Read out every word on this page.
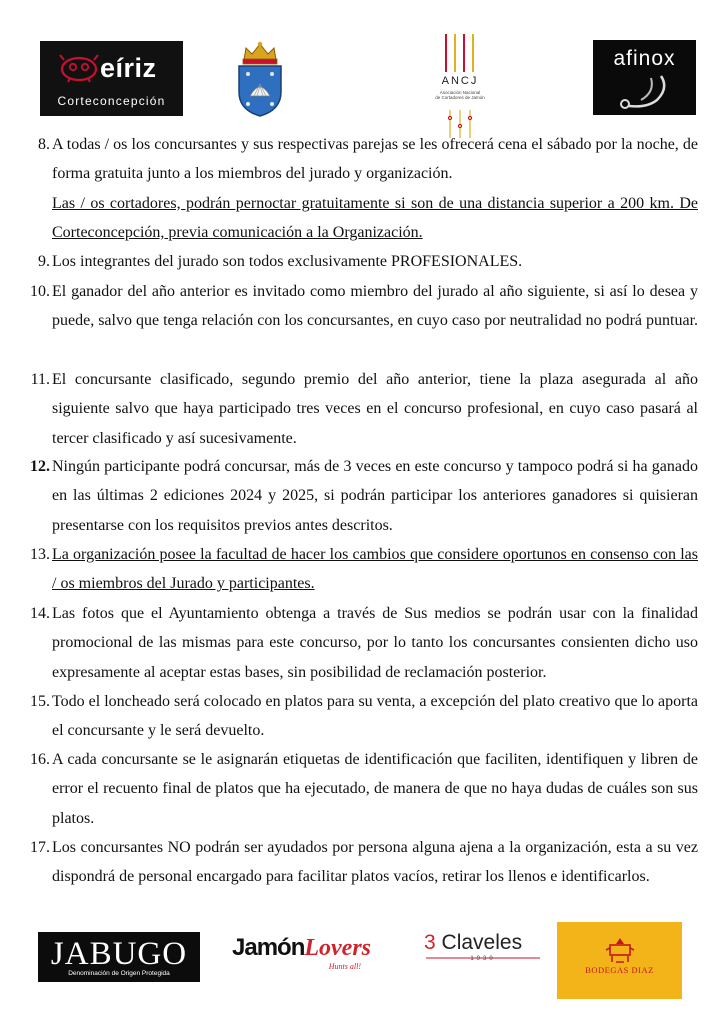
eíriz
Corteconcepción
ANCJ
Asociación Nacional
de Cortadores de Jamón
afinox
8. A todas / os los concursantes y sus respectivas parejas se les ofrecerá cena el sábado por la noche, de forma gratuita junto a los miembros del jurado y organización.
Las / os cortadores, podrán pernoctar gratuitamente si son de una distancia superior a 200 km. De Corteconcepción, previa comunicación a la Organización.
9. Los integrantes del jurado son todos exclusivamente PROFESIONALES.
10. El ganador del año anterior es invitado como miembro del jurado al año siguiente, si así lo desea y puede, salvo que tenga relación con los concursantes, en cuyo caso por neutralidad no podrá puntuar.
11. El concursante clasificado, segundo premio del año anterior, tiene la plaza asegurada al año siguiente salvo que haya participado tres veces en el concurso profesional, en cuyo caso pasará al tercer clasificado y así sucesivamente.
12. Ningún participante podrá concursar, más de 3 veces en este concurso y tampoco podrá si ha ganado en las últimas 2 ediciones 2024 y 2025, si podrán participar los anteriores ganadores si quisieran presentarse con los requisitos previos antes descritos.
13. La organización posee la facultad de hacer los cambios que considere oportunos en consenso con las / os miembros del Jurado y participantes.
14. Las fotos que el Ayuntamiento obtenga a través de Sus medios se podrán usar con la finalidad promocional de las mismas para este concurso, por lo tanto los concursantes consienten dicho uso expresamente al aceptar estas bases, sin posibilidad de reclamación posterior.
15. Todo el loncheado será colocado en platos para su venta, a excepción del plato creativo que lo aporta el concursante y le será devuelto.
16. A cada concursante se le asignarán etiquetas de identificación que faciliten, identifiquen y libren de error el recuento final de platos que ha ejecutado, de manera de que no haya dudas de cuáles son sus platos.
17. Los concursantes NO podrán ser ayudados por persona alguna ajena a la organización, esta a su vez dispondrá de personal encargado para facilitar platos vacíos, retirar los llenos e identificarlos.
JABUGO
Denominación de Origen Protegida
JamónLovers
Hunts all!
3 Claveles
1930
BODEGAS DIAZ
